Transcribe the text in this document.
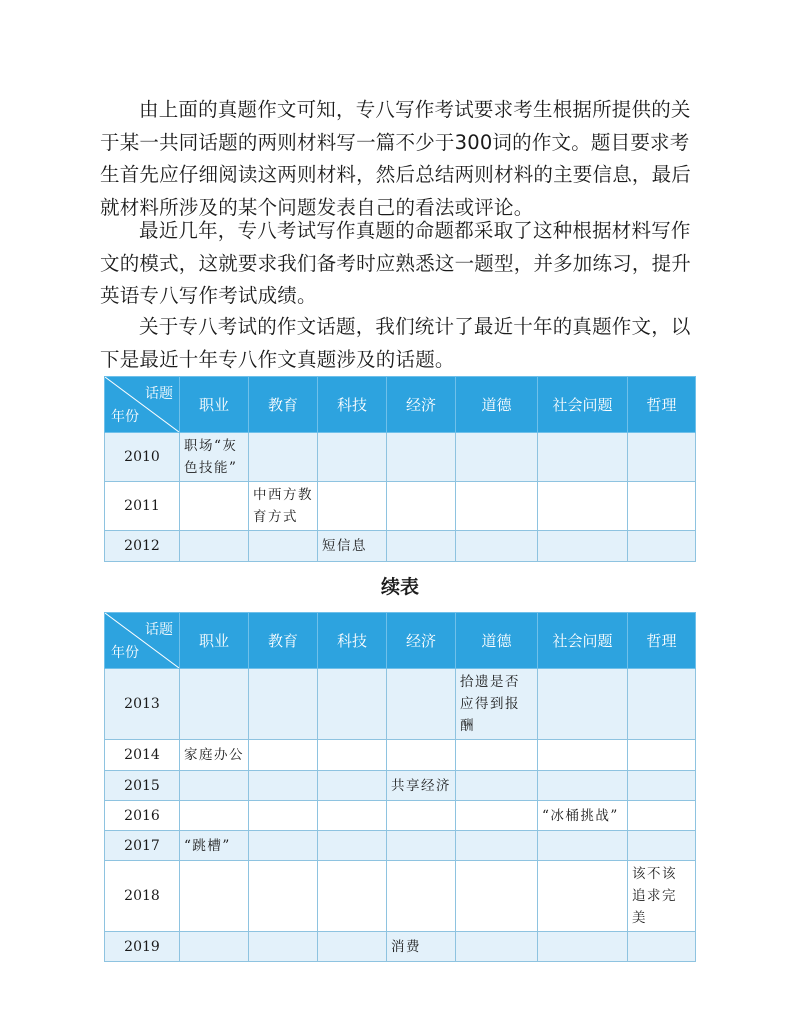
由上面的真题作文可知，专八写作考试要求考生根据所提供的关于某一共同话题的两则材料写一篇不少于300词的作文。题目要求考生首先应仔细阅读这两则材料，然后总结两则材料的主要信息，最后就材料所涉及的某个问题发表自己的看法或评论。

最近几年，专八考试写作真题的命题都采取了这种根据材料写作文的模式，这就要求我们备考时应熟悉这一题型，并多加练习，提升英语专八写作考试成绩。

关于专八考试的作文话题，我们统计了最近十年的真题作文，以下是最近十年专八作文真题涉及的话题。

话题
年份	职业	教育	科技	经济	道德	社会问题	哲理
2010	职场“灰色技能”						
2011		中西方教育方式					
2012			短信息				
续表
话题
年份	职业	教育	科技	经济	道德	社会问题	哲理
2013					拾遗是否应得到报酬		
2014	家庭办公						
2015				共享经济			
2016						“冰桶挑战”	
2017	“跳槽”						
2018							该不该追求完美
2019				消费			
